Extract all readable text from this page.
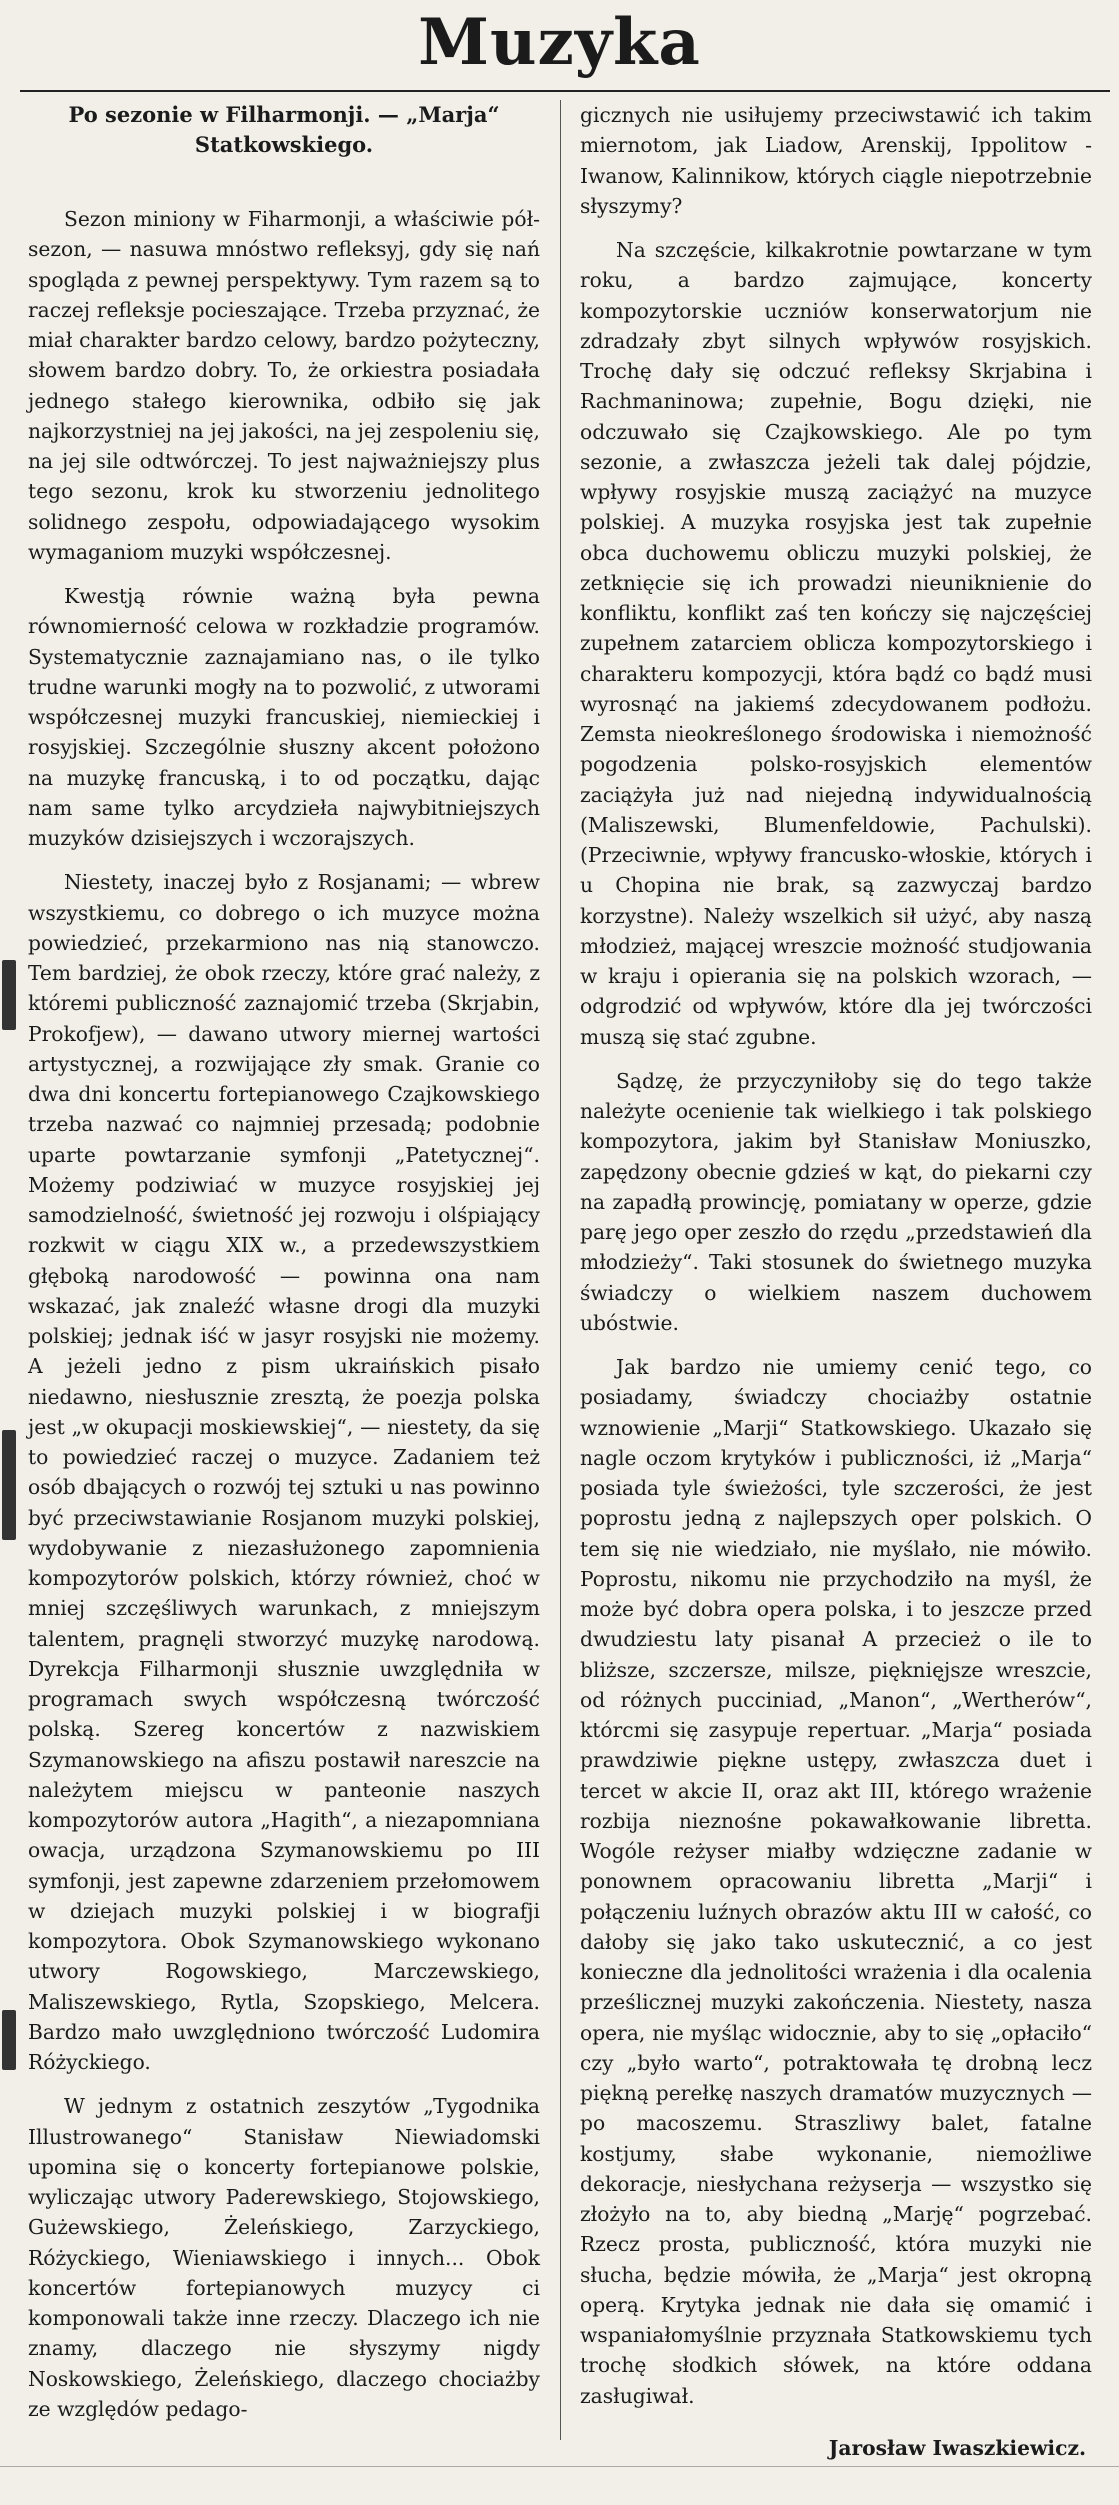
Muzyka
Po sezonie w Filharmonji. — „Marja“ Statkowskiego.

Sezon miniony w Fiharmonji, a właściwie pół-sezon, — nasuwa mnóstwo refleksyj, gdy się nań spogląda z pewnej perspektywy. Tym razem są to raczej refleksje pocieszające. Trzeba przyznać, że miał charakter bardzo celowy, bardzo pożyteczny, słowem bardzo dobry. To, że orkiestra posiadała jednego stałego kierownika, odbiło się jak najkorzystniej na jej jakości, na jej zespoleniu się, na jej sile odtwórczej. To jest najważniejszy plus tego sezonu, krok ku stworzeniu jednolitego solidnego zespołu, odpowiadającego wysokim wymaganiom muzyki współczesnej.

Kwestją równie ważną była pewna równomierność celowa w rozkładzie programów. Systematycznie zaznajamiano nas, o ile tylko trudne warunki mogły na to pozwolić, z utworami współczesnej muzyki francuskiej, niemieckiej i rosyjskiej. Szczególnie słuszny akcent położono na muzykę francuską, i to od początku, dając nam same tylko arcydzieła najwybitniejszych muzyków dzisiejszych i wczorajszych.

Niestety, inaczej było z Rosjanami; — wbrew wszystkiemu, co dobrego o ich muzyce można powiedzieć, przekarmiono nas nią stanowczo. Tem bardziej, że obok rzeczy, które grać należy, z któremi publiczność zaznajomić trzeba (Skrjabin, Prokofjew), — dawano utwory miernej wartości artystycznej, a rozwijające zły smak. Granie co dwa dni koncertu fortepianowego Czajkowskiego trzeba nazwać co najmniej przesadą; podobnie uparte powtarzanie symfonji „Patetycznej“. Możemy podziwiać w muzyce rosyjskiej jej samodzielność, świetność jej rozwoju i olśpiający rozkwit w ciągu XIX w., a przedewszystkiem głęboką narodowość — powinna ona nam wskazać, jak znaleźć własne drogi dla muzyki polskiej; jednak iść w jasyr rosyjski nie możemy. A jeżeli jedno z pism ukraińskich pisało niedawno, niesłusznie zresztą, że poezja polska jest „w okupacji moskiewskiej“, — niestety, da się to powiedzieć raczej o muzyce. Zadaniem też osób dbających o rozwój tej sztuki u nas powinno być przeciwstawianie Rosjanom muzyki polskiej, wydobywanie z niezasłużonego zapomnienia kompozytorów polskich, którzy również, choć w mniej szczęśliwych warunkach, z mniejszym talentem, pragnęli stworzyć muzykę narodową. Dyrekcja Filharmonji słusznie uwzględniła w programach swych współczesną twórczość polską. Szereg koncertów z nazwiskiem Szymanowskiego na afiszu postawił nareszcie na należytem miejscu w panteonie naszych kompozytorów autora „Hagith“, a niezapomniana owacja, urządzona Szymanowskiemu po III symfonji, jest zapewne zdarzeniem przełomowem w dziejach muzyki polskiej i w biografji kompozytora. Obok Szymanowskiego wykonano utwory Rogowskiego, Marczewskiego, Maliszewskiego, Rytla, Szopskiego, Melcera. Bardzo mało uwzględniono twórczość Ludomira Różyckiego.

W jednym z ostatnich zeszytów „Tygodnika Illustrowanego“ Stanisław Niewiadomski upomina się o koncerty fortepianowe polskie, wyliczając utwory Paderewskiego, Stojowskiego, Gużewskiego, Żeleńskiego, Zarzyckiego, Różyckiego, Wieniawskiego i innych... Obok koncertów fortepianowych muzycy ci komponowali także inne rzeczy. Dlaczego ich nie znamy, dlaczego nie słyszymy nigdy Noskowskiego, Żeleńskiego, dlaczego chociażby ze względów pedago-

gicznych nie usiłujemy przeciwstawić ich takim miernotom, jak Liadow, Arenskij, Ippolitow - Iwanow, Kalinnikow, których ciągle niepotrzebnie słyszymy?

Na szczęście, kilkakrotnie powtarzane w tym roku, a bardzo zajmujące, koncerty kompozytorskie uczniów konserwatorjum nie zdradzały zbyt silnych wpływów rosyjskich. Trochę dały się odczuć refleksy Skrjabina i Rachmaninowa; zupełnie, Bogu dzięki, nie odczuwało się Czajkowskiego. Ale po tym sezonie, a zwłaszcza jeżeli tak dalej pójdzie, wpływy rosyjskie muszą zaciążyć na muzyce polskiej. A muzyka rosyjska jest tak zupełnie obca duchowemu obliczu muzyki polskiej, że zetknięcie się ich prowadzi nieuniknienie do konfliktu, konflikt zaś ten kończy się najczęściej zupełnem zatarciem oblicza kompozytorskiego i charakteru kompozycji, która bądź co bądź musi wyrosnąć na jakiemś zdecydowanem podłożu. Zemsta nieokreślonego środowiska i niemożność pogodzenia polsko-rosyjskich elementów zaciążyła już nad niejedną indywidualnością (Maliszewski, Blumenfeldowie, Pachulski). (Przeciwnie, wpływy francusko-włoskie, których i u Chopina nie brak, są zazwyczaj bardzo korzystne). Należy wszelkich sił użyć, aby naszą młodzież, mającej wreszcie możność studjowania w kraju i opierania się na polskich wzorach, — odgrodzić od wpływów, które dla jej twórczości muszą się stać zgubne.

Sądzę, że przyczyniłoby się do tego także należyte ocenienie tak wielkiego i tak polskiego kompozytora, jakim był Stanisław Moniuszko, zapędzony obecnie gdzieś w kąt, do piekarni czy na zapadłą prowincję, pomiatany w operze, gdzie parę jego oper zeszło do rzędu „przedstawień dla młodzieży“. Taki stosunek do świetnego muzyka świadczy o wielkiem naszem duchowem ubóstwie.

Jak bardzo nie umiemy cenić tego, co posiadamy, świadczy chociażby ostatnie wznowienie „Marji“ Statkowskiego. Ukazało się nagle oczom krytyków i publiczności, iż „Marja“ posiada tyle świeżości, tyle szczerości, że jest poprostu jedną z najlepszych oper polskich. O tem się nie wiedziało, nie myślało, nie mówiło. Poprostu, nikomu nie przychodziło na myśl, że może być dobra opera polska, i to jeszcze przed dwudziestu laty pisanał A przecież o ile to bliższe, szczersze, milsze, pięknięjsze wreszcie, od różnych pucciniad, „Manon“, „Wertherów“, którcmi się zasypuje repertuar. „Marja“ posiada prawdziwie piękne ustępy, zwłaszcza duet i tercet w akcie II, oraz akt III, którego wrażenie rozbija nieznośne pokawałkowanie libretta. Wogóle reżyser miałby wdzięczne zadanie w ponownem opracowaniu libretta „Marji“ i połączeniu luźnych obrazów aktu III w całość, co dałoby się jako tako uskutecznić, a co jest konieczne dla jednolitości wrażenia i dla ocalenia prześlicznej muzyki zakończenia. Niestety, nasza opera, nie myśląc widocznie, aby to się „opłaciło“ czy „było warto“, potraktowała tę drobną lecz piękną perełkę naszych dramatów muzycznych — po macoszemu. Straszliwy balet, fatalne kostjumy, słabe wykonanie, niemożliwe dekoracje, niesłychana reżyserja — wszystko się złożyło na to, aby biedną „Marję“ pogrzebać. Rzecz prosta, publiczność, która muzyki nie słucha, będzie mówiła, że „Marja“ jest okropną operą. Krytyka jednak nie dała się omamić i wspaniałomyślnie przyznała Statkowskiemu tych trochę słodkich słówek, na które oddana zasługiwał.

Jarosław Iwaszkiewicz.
